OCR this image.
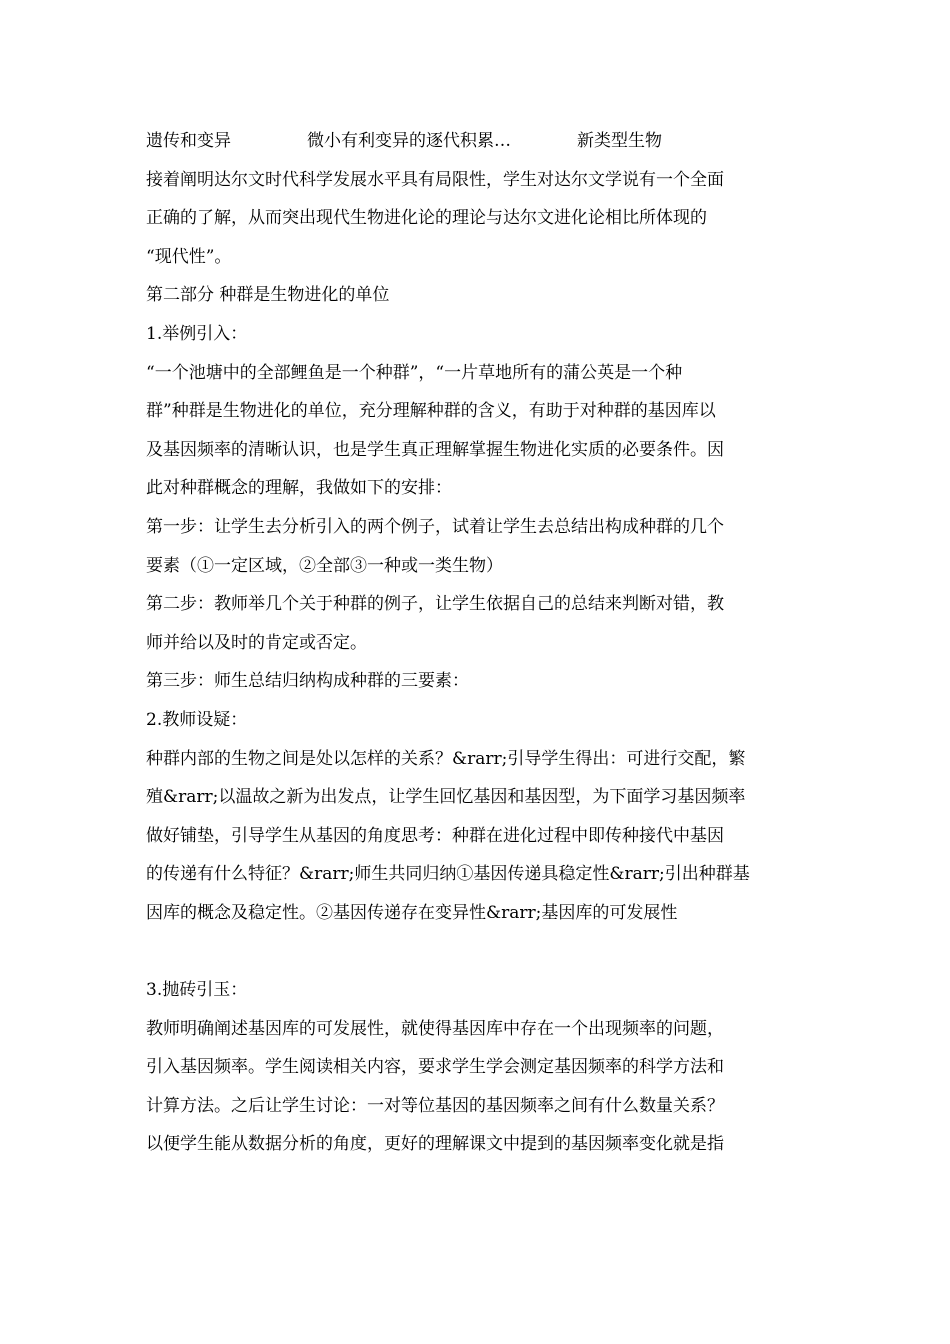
遗传和变异	微小有利变异的逐代积累…	新类型生物
接着阐明达尔文时代科学发展水平具有局限性，学生对达尔文学说有一个全面
正确的了解，从而突出现代生物进化论的理论与达尔文进化论相比所体现的
“现代性”。
第二部分 种群是生物进化的单位
1.举例引入：
“一个池塘中的全部鲤鱼是一个种群”，“一片草地所有的蒲公英是一个种
群”种群是生物进化的单位，充分理解种群的含义，有助于对种群的基因库以
及基因频率的清晰认识，也是学生真正理解掌握生物进化实质的必要条件。因
此对种群概念的理解，我做如下的安排：
第一步：让学生去分析引入的两个例子，试着让学生去总结出构成种群的几个
要素（①一定区域，②全部③一种或一类生物）
第二步：教师举几个关于种群的例子，让学生依据自己的总结来判断对错，教
师并给以及时的肯定或否定。
第三步：师生总结归纳构成种群的三要素：
2.教师设疑：
种群内部的生物之间是处以怎样的关系？&rarr;引导学生得出：可进行交配，繁
殖&rarr;以温故之新为出发点，让学生回忆基因和基因型，为下面学习基因频率
做好铺垫，引导学生从基因的角度思考：种群在进化过程中即传种接代中基因
的传递有什么特征？&rarr;师生共同归纳①基因传递具稳定性&rarr;引出种群基
因库的概念及稳定性。②基因传递存在变异性&rarr;基因库的可发展性
3.抛砖引玉：
教师明确阐述基因库的可发展性，就使得基因库中存在一个出现频率的问题，
引入基因频率。学生阅读相关内容，要求学生学会测定基因频率的科学方法和
计算方法。之后让学生讨论：一对等位基因的基因频率之间有什么数量关系？
以便学生能从数据分析的角度，更好的理解课文中提到的基因频率变化就是指
